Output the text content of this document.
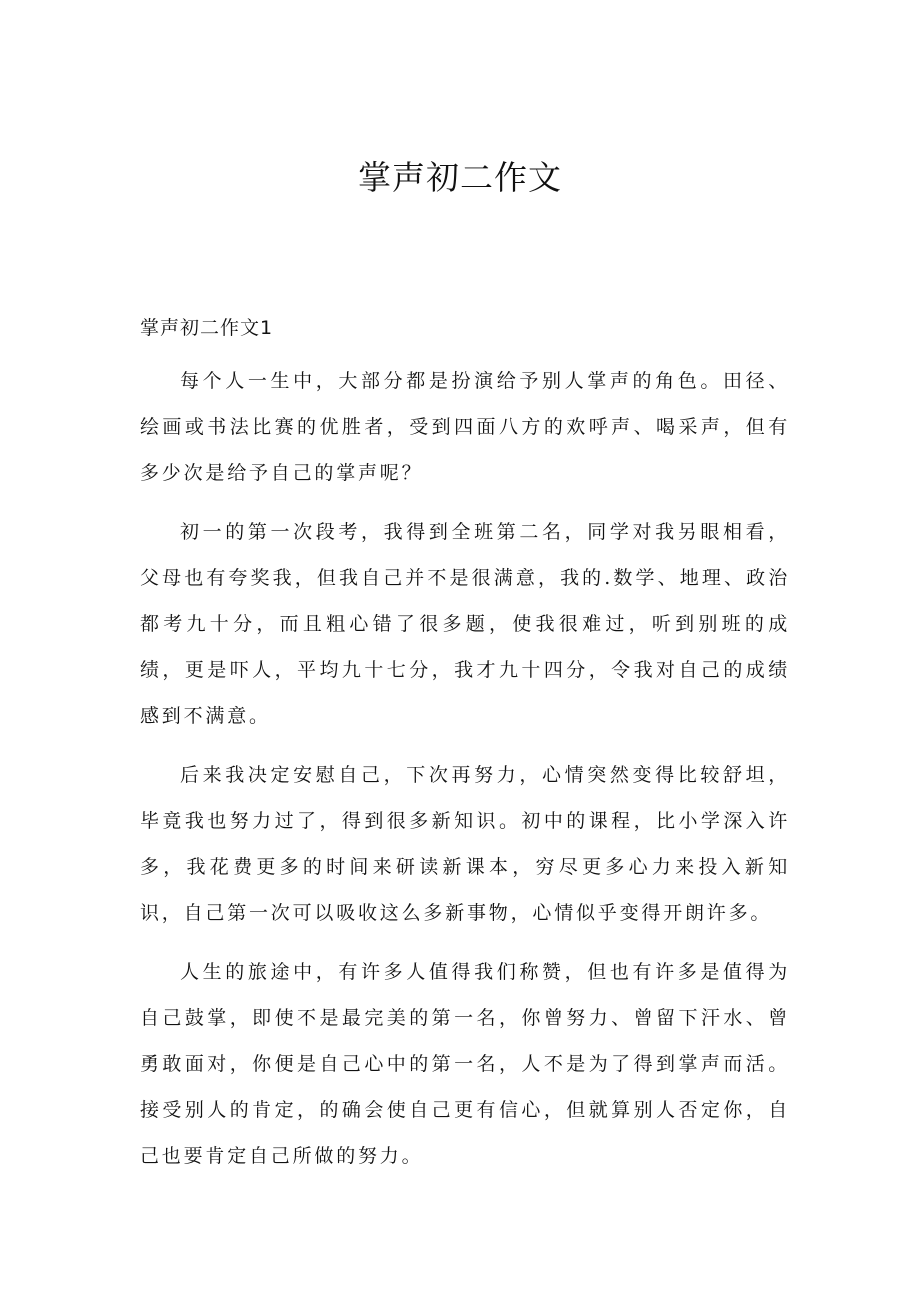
掌声初二作文
掌声初二作文1

每个人一生中，大部分都是扮演给予别人掌声的角色。田径、绘画或书法比赛的优胜者，受到四面八方的欢呼声、喝采声，但有多少次是给予自己的掌声呢？

初一的第一次段考，我得到全班第二名，同学对我另眼相看，父母也有夸奖我，但我自己并不是很满意，我的.数学、地理、政治都考九十分，而且粗心错了很多题，使我很难过，听到别班的成绩，更是吓人，平均九十七分，我才九十四分，令我对自己的成绩感到不满意。

后来我决定安慰自己，下次再努力，心情突然变得比较舒坦，毕竟我也努力过了，得到很多新知识。初中的课程，比小学深入许多，我花费更多的时间来研读新课本，穷尽更多心力来投入新知识，自己第一次可以吸收这么多新事物，心情似乎变得开朗许多。

人生的旅途中，有许多人值得我们称赞，但也有许多是值得为自己鼓掌，即使不是最完美的第一名，你曾努力、曾留下汗水、曾勇敢面对，你便是自己心中的第一名，人不是为了得到掌声而活。接受别人的肯定，的确会使自己更有信心，但就算别人否定你，自己也要肯定自己所做的努力。
